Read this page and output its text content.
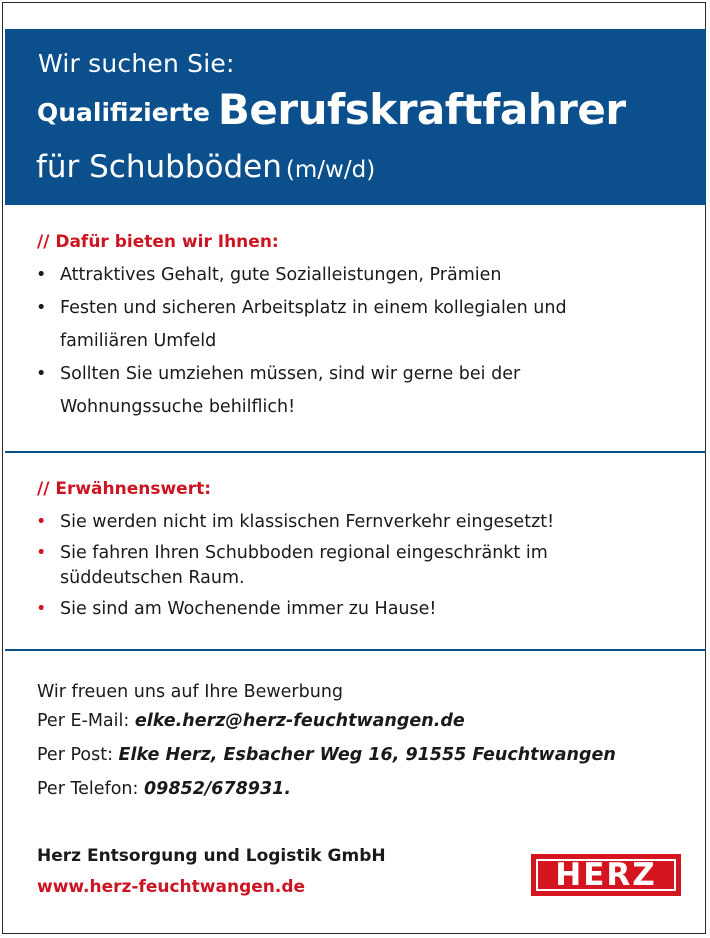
Wir suchen Sie:
Qualifizierte Berufskraftfahrer
für Schubböden (m/w/d)
// Dafür bieten wir Ihnen:
• Attraktives Gehalt, gute Sozialleistungen, Prämien
• Festen und sicheren Arbeitsplatz in einem kollegialen und familiären Umfeld
• Sollten Sie umziehen müssen, sind wir gerne bei der Wohnungssuche behilflich!
// Erwähnenswert:
• Sie werden nicht im klassischen Fernverkehr eingesetzt!
• Sie fahren Ihren Schubboden regional eingeschränkt im süddeutschen Raum.
• Sie sind am Wochenende immer zu Hause!
Wir freuen uns auf Ihre Bewerbung
Per E-Mail: elke.herz@herz-feuchtwangen.de
Per Post: Elke Herz, Esbacher Weg 16, 91555 Feuchtwangen
Per Telefon: 09852/678931.
Herz Entsorgung und Logistik GmbH
www.herz-feuchtwangen.de	HERZ
